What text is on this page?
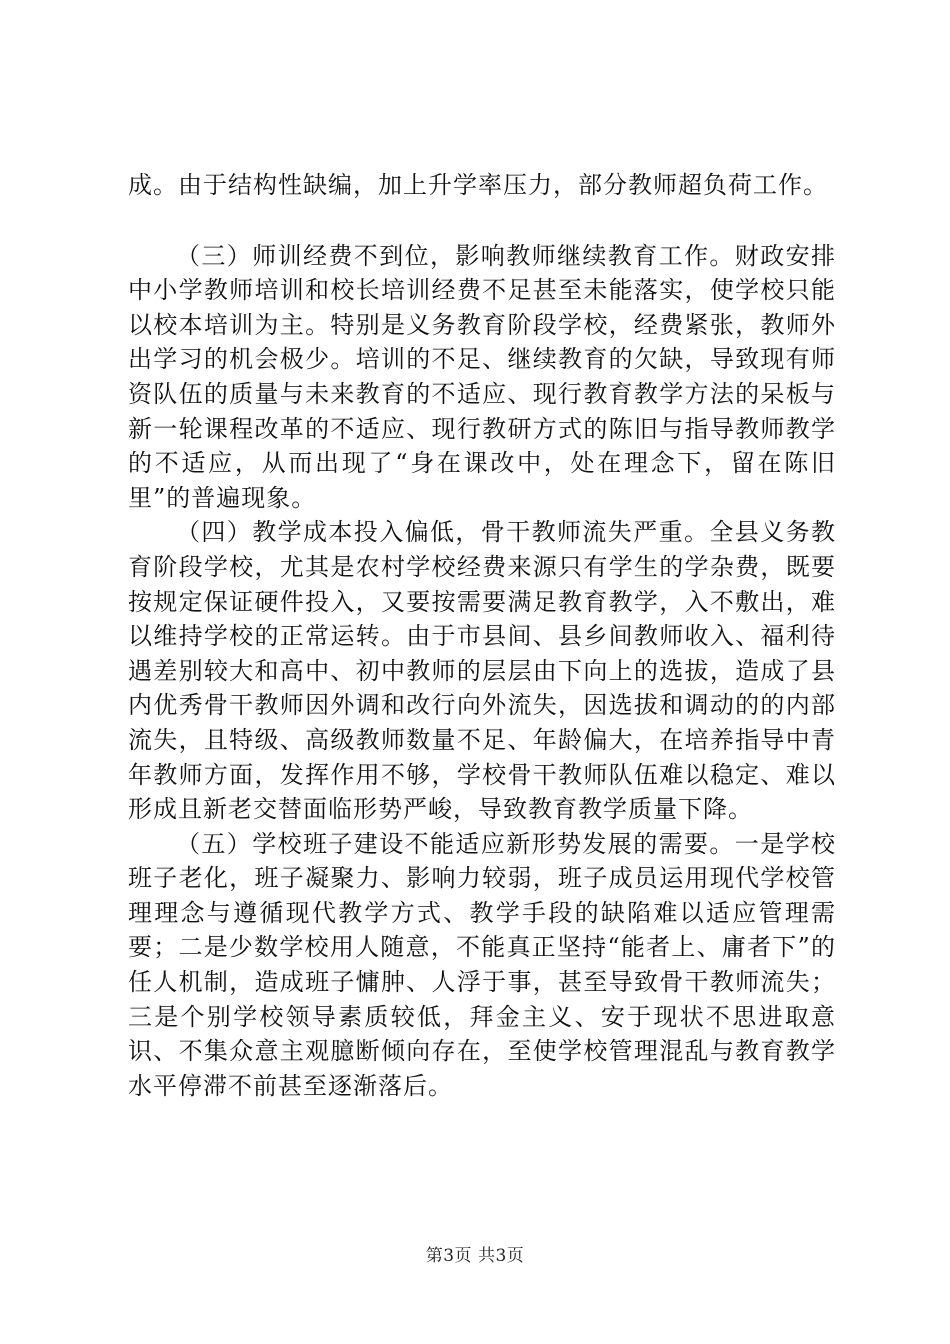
成。由于结构性缺编，加上升学率压力，部分教师超负荷工作。

（三）师训经费不到位，影响教师继续教育工作。财政安排中小学教师培训和校长培训经费不足甚至未能落实，使学校只能以校本培训为主。特别是义务教育阶段学校，经费紧张，教师外出学习的机会极少。培训的不足、继续教育的欠缺，导致现有师资队伍的质量与未来教育的不适应、现行教育教学方法的呆板与新一轮课程改革的不适应、现行教研方式的陈旧与指导教师教学的不适应，从而出现了“身在课改中，处在理念下，留在陈旧里”的普遍现象。

（四）教学成本投入偏低，骨干教师流失严重。全县义务教育阶段学校，尤其是农村学校经费来源只有学生的学杂费，既要按规定保证硬件投入，又要按需要满足教育教学，入不敷出，难以维持学校的正常运转。由于市县间、县乡间教师收入、福利待遇差别较大和高中、初中教师的层层由下向上的选拔，造成了县内优秀骨干教师因外调和改行向外流失，因选拔和调动的的内部流失，且特级、高级教师数量不足、年龄偏大，在培养指导中青年教师方面，发挥作用不够，学校骨干教师队伍难以稳定、难以形成且新老交替面临形势严峻，导致教育教学质量下降。

（五）学校班子建设不能适应新形势发展的需要。一是学校班子老化，班子凝聚力、影响力较弱，班子成员运用现代学校管理理念与遵循现代教学方式、教学手段的缺陷难以适应管理需要；二是少数学校用人随意，不能真正坚持“能者上、庸者下”的任人机制，造成班子慵肿、人浮于事，甚至导致骨干教师流失；三是个别学校领导素质较低，拜金主义、安于现状不思进取意识、不集众意主观臆断倾向存在，至使学校管理混乱与教育教学水平停滞不前甚至逐渐落后。

第3页 共3页
